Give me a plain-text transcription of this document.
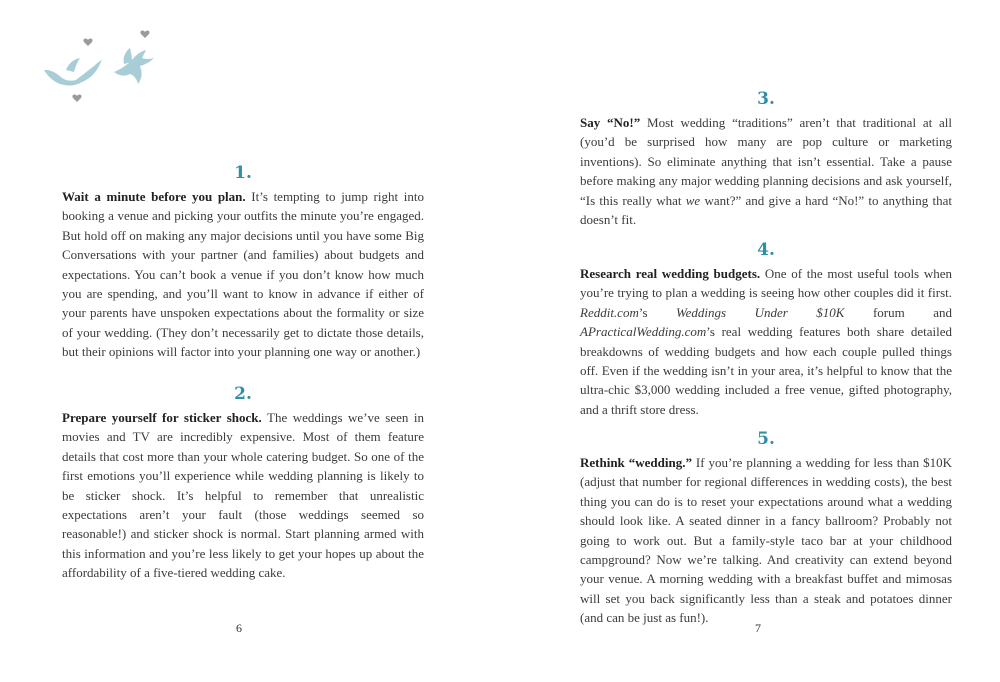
1.

Wait a minute before you plan. It’s tempting to jump right into booking a venue and picking your outfits the minute you’re engaged. But hold off on making any major decisions until you have some Big Conversations with your partner (and families) about budgets and expectations. You can’t book a venue if you don’t know how much you are spending, and you’ll want to know in advance if either of your parents have unspoken expectations about the formality or size of your wedding. (They don’t necessarily get to dictate those details, but their opinions will factor into your planning one way or another.)

2.

Prepare yourself for sticker shock. The weddings we’ve seen in movies and TV are incredibly expensive. Most of them feature details that cost more than your whole catering budget. So one of the first emotions you’ll experience while wedding planning is likely to be sticker shock. It’s helpful to remember that unrealistic expectations aren’t your fault (those weddings seemed so reasonable!) and sticker shock is normal. Start planning armed with this information and you’re less likely to get your hopes up about the affordability of a five-tiered wedding cake.

6
3.

Say “No!” Most wedding “traditions” aren’t that traditional at all (you’d be surprised how many are pop culture or marketing inventions). So eliminate anything that isn’t essential. Take a pause before making any major wedding planning decisions and ask yourself, “Is this really what we want?” and give a hard “No!” to anything that doesn’t fit.

4.

Research real wedding budgets. One of the most useful tools when you’re trying to plan a wedding is seeing how other couples did it first. Reddit.com’s Weddings Under $10K forum and APracticalWedding.com’s real wedding features both share detailed breakdowns of wedding budgets and how each couple pulled things off. Even if the wedding isn’t in your area, it’s helpful to know that the ultra-chic $3,000 wedding included a free venue, gifted photography, and a thrift store dress.

5.

Rethink “wedding.” If you’re planning a wedding for less than $10K (adjust that number for regional differences in wedding costs), the best thing you can do is to reset your expectations around what a wedding should look like. A seated dinner in a fancy ballroom? Probably not going to work out. But a family-style taco bar at your childhood campground? Now we’re talking. And creativity can extend beyond your venue. A morning wedding with a breakfast buffet and mimosas will set you back significantly less than a steak and potatoes dinner (and can be just as fun!).

7
